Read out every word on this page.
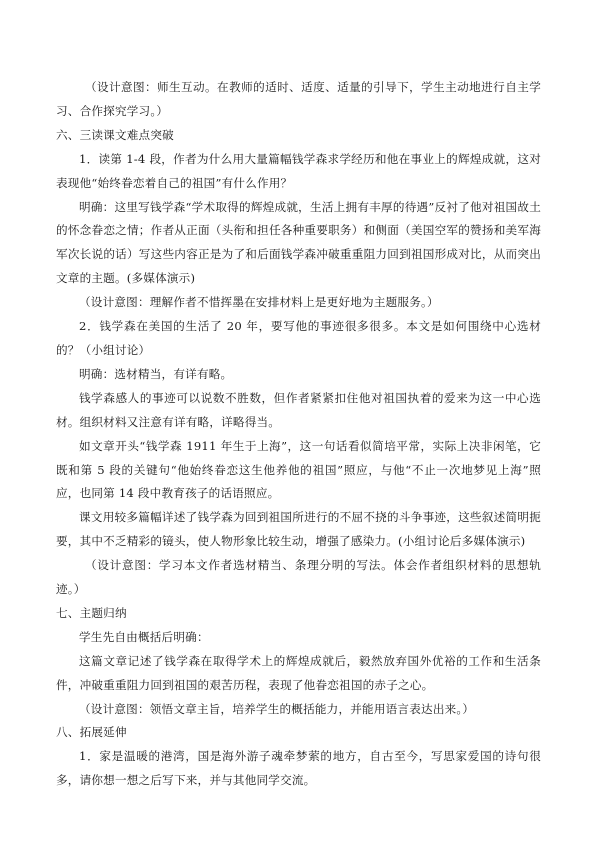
（设计意图：师生互动。在教师的适时、适度、适量的引导下，学生主动地进行自主学习、合作探究学习。）

六、三读课文难点突破

1．读第 1-4 段，作者为什么用大量篇幅钱学森求学经历和他在事业上的辉煌成就，这对表现他“始终眷恋着自己的祖国”有什么作用？

明确：这里写钱学森“学术取得的辉煌成就，生活上拥有丰厚的待遇”反衬了他对祖国故土的怀念眷恋之情；作者从正面（头衔和担任各种重要职务）和侧面（美国空军的赞扬和美军海军次长说的话）写这些内容正是为了和后面钱学森冲破重重阻力回到祖国形成对比，从而突出文章的主题。(多媒体演示)

（设计意图：理解作者不惜挥墨在安排材料上是更好地为主题服务。）

2．钱学森在美国的生活了 20 年，要写他的事迹很多很多。本文是如何围绕中心选材的？（小组讨论）

明确：选材精当，有详有略。

钱学森感人的事迹可以说数不胜数，但作者紧紧扣住他对祖国执着的爱来为这一中心选材。组织材料又注意有详有略，详略得当。

如文章开头“钱学森 1911 年生于上海”，这一句话看似简培平常，实际上决非闲笔，它既和第 5 段的关键句“他始终眷恋这生他养他的祖国”照应，与他“不止一次地梦见上海”照应，也同第 14 段中教育孩子的话语照应。

课文用较多篇幅详述了钱学森为回到祖国所进行的不屈不挠的斗争事迹，这些叙述简明扼要，其中不乏精彩的镜头，使人物形象比较生动，增强了感染力。(小组讨论后多媒体演示)

（设计意图：学习本文作者选材精当、条理分明的写法。体会作者组织材料的思想轨迹。）

七、主题归纳

学生先自由概括后明确：

这篇文章记述了钱学森在取得学术上的辉煌成就后，毅然放弃国外优裕的工作和生活条件，冲破重重阻力回到祖国的艰苦历程，表现了他眷恋祖国的赤子之心。

（设计意图：领悟文章主旨，培养学生的概括能力，并能用语言表达出来。）

八、拓展延伸

1．家是温暖的港湾，国是海外游子魂牵梦萦的地方，自古至今，写思家爱国的诗句很多，请你想一想之后写下来，并与其他同学交流。
